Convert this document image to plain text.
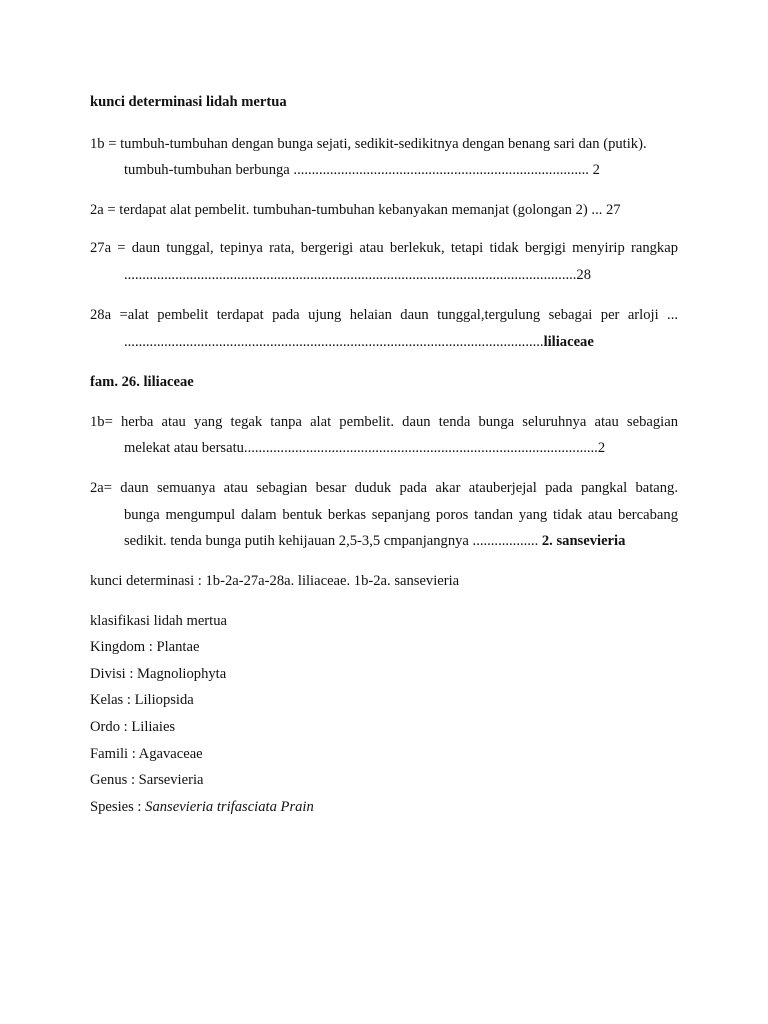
kunci determinasi lidah mertua
1b = tumbuh-tumbuhan dengan bunga sejati, sedikit-sedikitnya dengan benang sari dan (putik).
tumbuh-tumbuhan berbunga ................................................................................. 2
2a = terdapat alat pembelit. tumbuhan-tumbuhan kebanyakan memanjat (golongan 2) ... 27
27a = daun tunggal, tepinya rata, bergerigi atau berlekuk, tetapi tidak bergigi menyirip rangkap
............................................................................................................................28
28a =alat pembelit terdapat pada ujung helaian daun tunggal,tergulung sebagai per arloji ...
...................................................................................................................liliaceae
fam. 26. liliaceae
1b= herba atau yang tegak tanpa alat pembelit. daun tenda bunga seluruhnya atau sebagian
melekat atau bersatu.................................................................................................2
2a= daun semuanya atau sebagian besar duduk pada akar atauberjejal pada pangkal batang.
bunga mengumpul dalam bentuk berkas sepanjang poros tandan yang tidak atau bercabang
sedikit. tenda bunga putih kehijauan 2,5-3,5 cmpanjangnya .................. 2. sansevieria
kunci determinasi : 1b-2a-27a-28a. liliaceae. 1b-2a. sansevieria
klasifikasi lidah mertua
Kingdom : Plantae
Divisi : Magnoliophyta
Kelas : Liliopsida
Ordo : Liliaies
Famili : Agavaceae
Genus : Sarsevieria
Spesies : Sansevieria trifasciata Prain
